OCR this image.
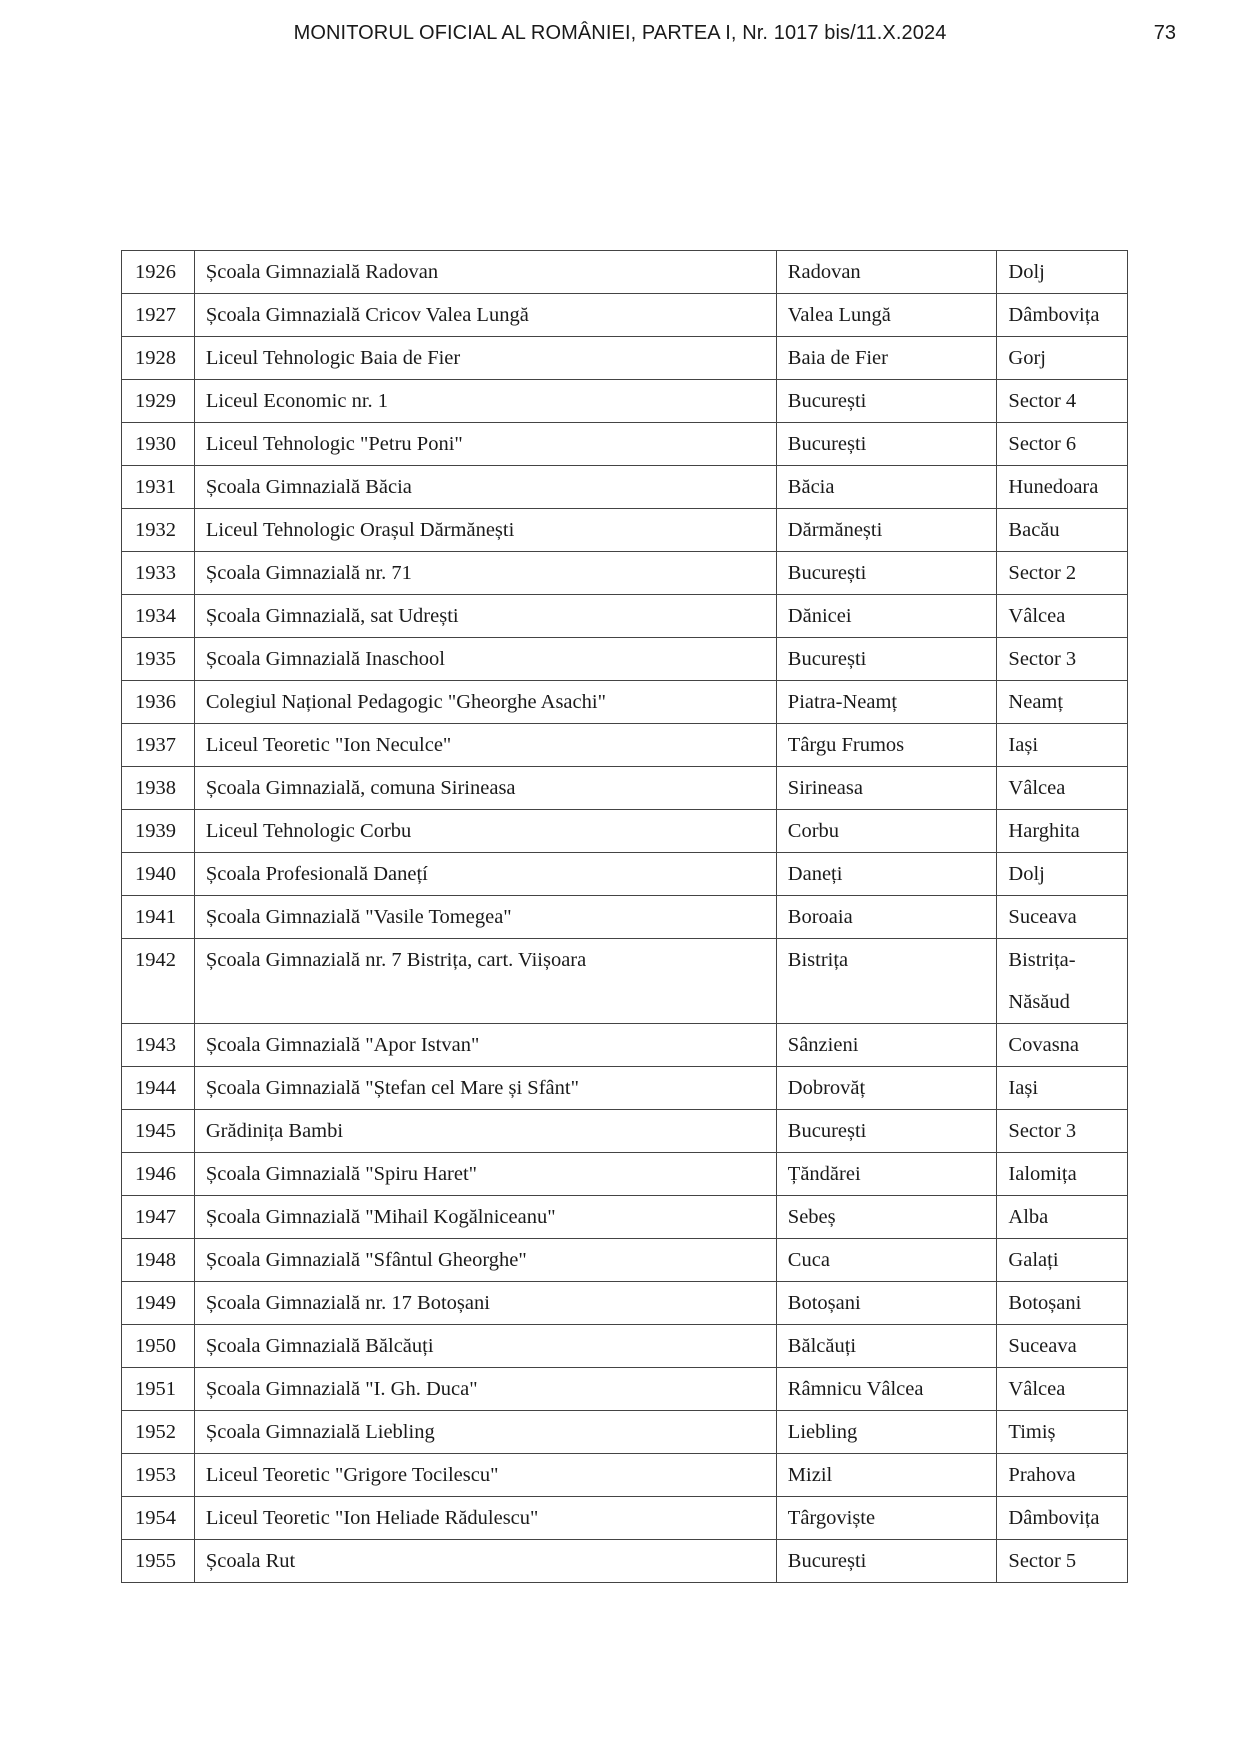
MONITORUL OFICIAL AL ROMÂNIEI, PARTEA I, Nr. 1017 bis/11.X.2024	73
1926	Școala Gimnazială Radovan	Radovan	Dolj
1927	Școala Gimnazială Cricov Valea Lungă	Valea Lungă	Dâmbovița
1928	Liceul Tehnologic Baia de Fier	Baia de Fier	Gorj
1929	Liceul Economic nr. 1	București	Sector 4
1930	Liceul Tehnologic "Petru Poni"	București	Sector 6
1931	Școala Gimnazială Băcia	Băcia	Hunedoara
1932	Liceul Tehnologic Orașul Dărmănești	Dărmănești	Bacău
1933	Școala Gimnazială nr. 71	București	Sector 2
1934	Școala Gimnazială, sat Udrești	Dănicei	Vâlcea
1935	Școala Gimnazială Inaschool	București	Sector 3
1936	Colegiul Național Pedagogic "Gheorghe Asachi"	Piatra-Neamț	Neamț
1937	Liceul Teoretic "Ion Neculce"	Târgu Frumos	Iași
1938	Școala Gimnazială, comuna Sirineasa	Sirineasa	Vâlcea
1939	Liceul Tehnologic Corbu	Corbu	Harghita
1940	Școala Profesională Danețí	Daneți	Dolj
1941	Școala Gimnazială "Vasile Tomegea"	Boroaia	Suceava
1942	Școala Gimnazială nr. 7 Bistrița, cart. Viișoara	Bistrița	Bistrița-Năsăud
1943	Școala Gimnazială "Apor Istvan"	Sânzieni	Covasna
1944	Școala Gimnazială "Ștefan cel Mare și Sfânt"	Dobrovăț	Iași
1945	Grădinița Bambi	București	Sector 3
1946	Școala Gimnazială "Spiru Haret"	Țăndărei	Ialomița
1947	Școala Gimnazială "Mihail Kogălniceanu"	Sebeș	Alba
1948	Școala Gimnazială "Sfântul Gheorghe"	Cuca	Galați
1949	Școala Gimnazială nr. 17 Botoșani	Botoșani	Botoșani
1950	Școala Gimnazială Bălcăuți	Bălcăuți	Suceava
1951	Școala Gimnazială "I. Gh. Duca"	Râmnicu Vâlcea	Vâlcea
1952	Școala Gimnazială Liebling	Liebling	Timiș
1953	Liceul Teoretic "Grigore Tocilescu"	Mizil	Prahova
1954	Liceul Teoretic "Ion Heliade Rădulescu"	Târgoviște	Dâmbovița
1955	Școala Rut	București	Sector 5
